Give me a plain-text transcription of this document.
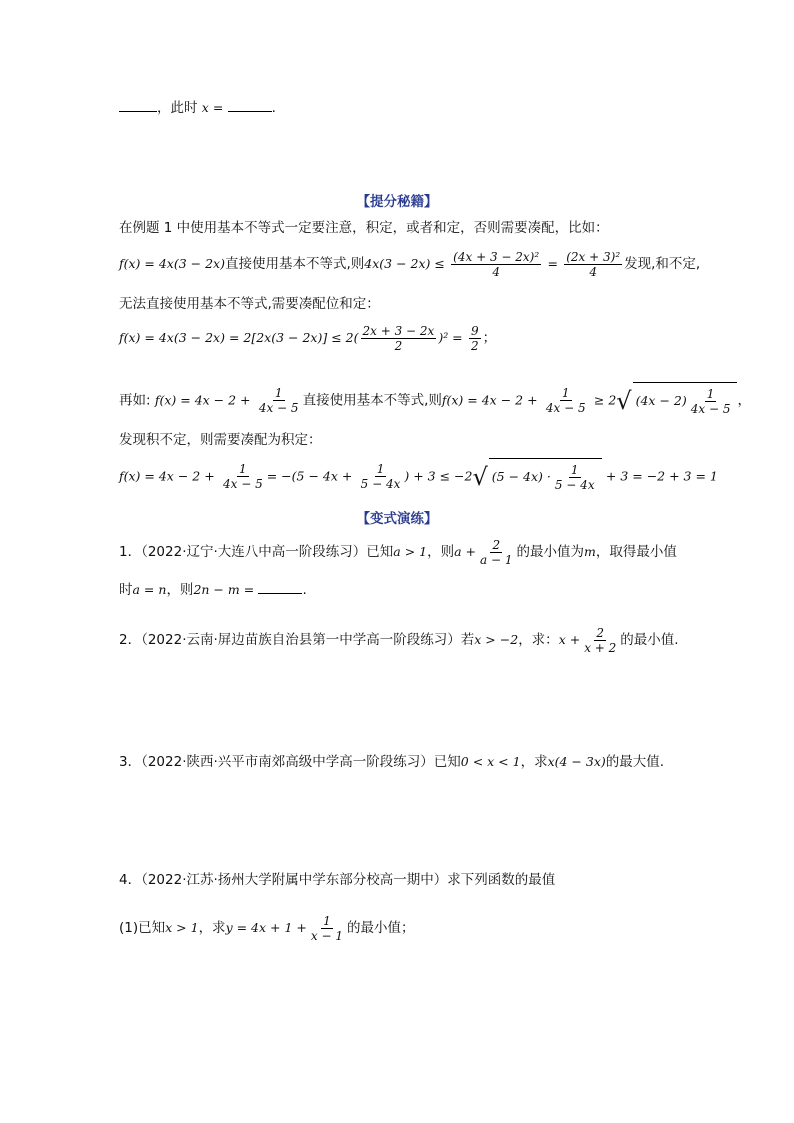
，此时 x =	.
【提分秘籍】
在例题 1 中使用基本不等式一定要注意，积定，或者和定，否则需要凑配，比如：
f(x) = 4x(3 − 2x)直接使用基本不等式,则$4x(3 - 2x) \le \frac{\text{(4x + 3 − 2x)²}}{4} = \frac{\text{(2x + 3)²}}{4}$ 发现,和不定,
无法直接使用基本不等式,需要凑配位和定：
$f(x) = 4x(3 - 2x) = 2[2x(3 - 2x)] \le 2( \frac{2x + 3 - 2x}{2} )^2 = \frac{9}{2}$ ；
再如: $f(x) = 4x - 2 + \frac{1}{4x - 5}$ 直接使用基本不等式,则$f(x) = 4x - 2 + \frac{1}{4x - 5} \ge 2√$ $(4x - 2) \frac{1}{4x - 5}$ ，
发现积不定，则需要凑配为积定：
$f(x) = 4x - 2 + \frac{1}{4x - 5} = -(5 - 4x + \frac{1}{5 - 4x}$ ) + 3 ≤ −2√ $(5 - 4x) \cdot \frac{1}{5 - 4x} + 3 = -2 + 3 = 1$
【变式演练】
1．（2022·辽宁·大连八中高一阶段练习）已知a > 1，则$a + \frac{2}{a - 1}$ 的最小值为m，取得最小值
时a = n，则2n − m =	.
2．（2022·云南·屏边苗族自治县第一中学高一阶段练习）若x > −2，求：$x + \frac{2}{x + 2}$ 的最小值.
3．（2022·陕西·兴平市南郊高级中学高一阶段练习）已知0 < x < 1，求x(4 − 3x)的最大值.
4．（2022·江苏·扬州大学附属中学东部分校高一期中）求下列函数的最值
(1)已知x > 1，求$y = 4x + 1 + \frac{1}{x - 1}$ 的最小值；
